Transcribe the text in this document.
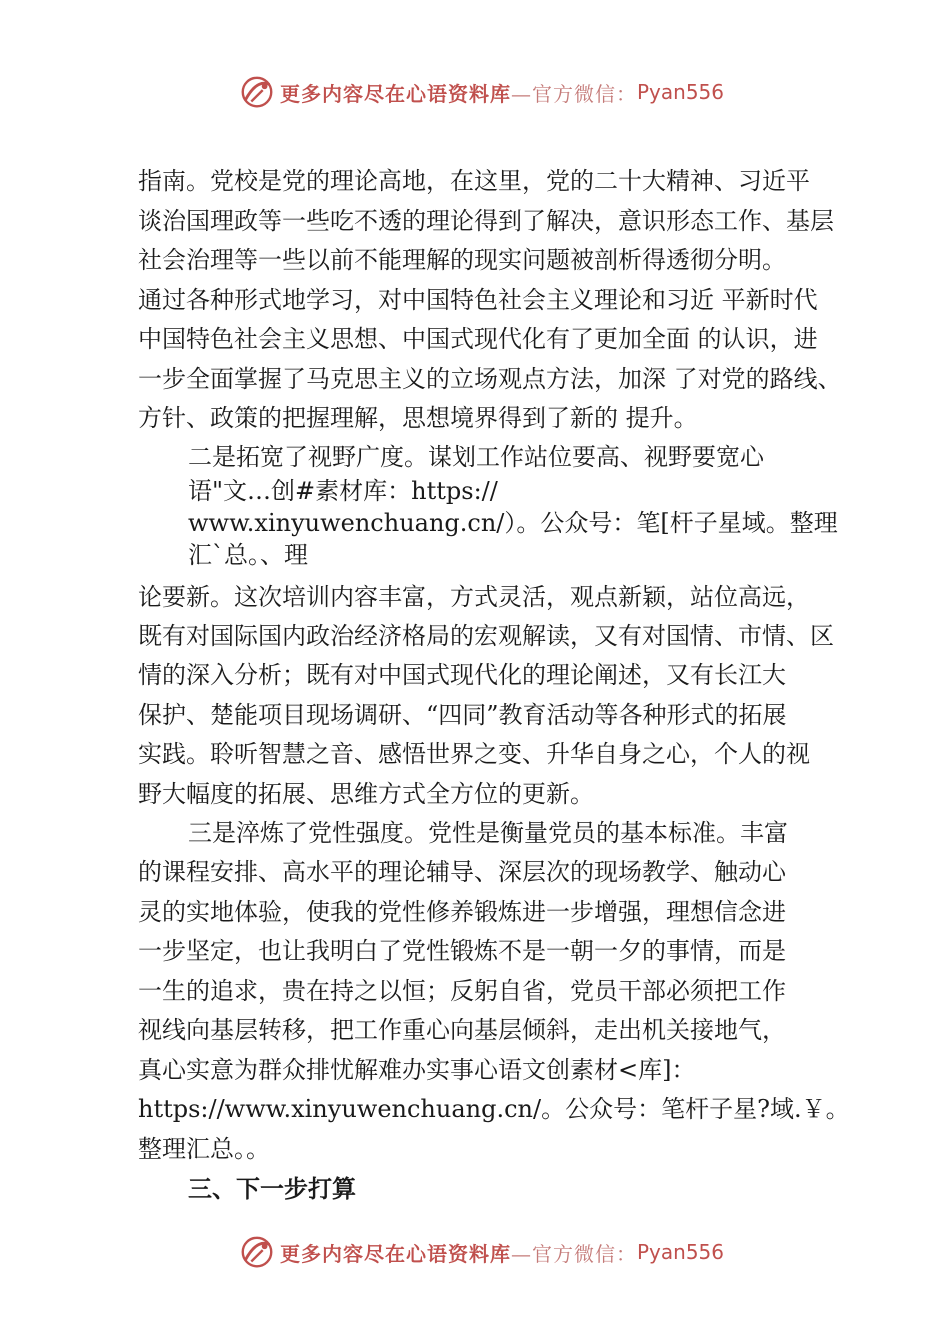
更多内容尽在心语资料库 —官方微信： Pyan556
指南。党校是党的理论高地，在这里，党的二十大精神、习近平
谈治国理政等一些吃不透的理论得到了解决，意识形态工作、基层
社会治理等一些以前不能理解的现实问题被剖析得透彻分明。
通过各种形式地学习，对中国特色社会主义理论和习近 平新时代
中国特色社会主义思想、中国式现代化有了更加全面 的认识，进
一步全面掌握了马克思主义的立场观点方法，加深 了对党的路线、
方针、政策的把握理解，思想境界得到了新的 提升。
二是拓宽了视野广度。谋划工作站位要高、视野要宽心
语"文…创#素材库：https://
www.xinyuwenchuang.cn/）。公众号：笔[杆子星域。整理
汇`总。、理
论要新。这次培训内容丰富，方式灵活，观点新颖，站位高远，
既有对国际国内政治经济格局的宏观解读，又有对国情、市情、区
情的深入分析；既有对中国式现代化的理论阐述，又有长江大
保护、楚能项目现场调研、“四同”教育活动等各种形式的拓展
实践。聆听智慧之音、感悟世界之变、升华自身之心，个人的视
野大幅度的拓展、思维方式全方位的更新。
三是淬炼了党性强度。党性是衡量党员的基本标准。丰富
的课程安排、高水平的理论辅导、深层次的现场教学、触动心
灵的实地体验，使我的党性修养锻炼进一步增强，理想信念进
一步坚定，也让我明白了党性锻炼不是一朝一夕的事情，而是
一生的追求，贵在持之以恒；反躬自省，党员干部必须把工作
视线向基层转移，把工作重心向基层倾斜，走出机关接地气，
真心实意为群众排忧解难办实事心语文创素材<库]：
https://www.xinyuwenchuang.cn/。公众号：笔杆子星?域.￥。
整理汇总。。
三、下一步打算
更多内容尽在心语资料库 —官方微信： Pyan556
